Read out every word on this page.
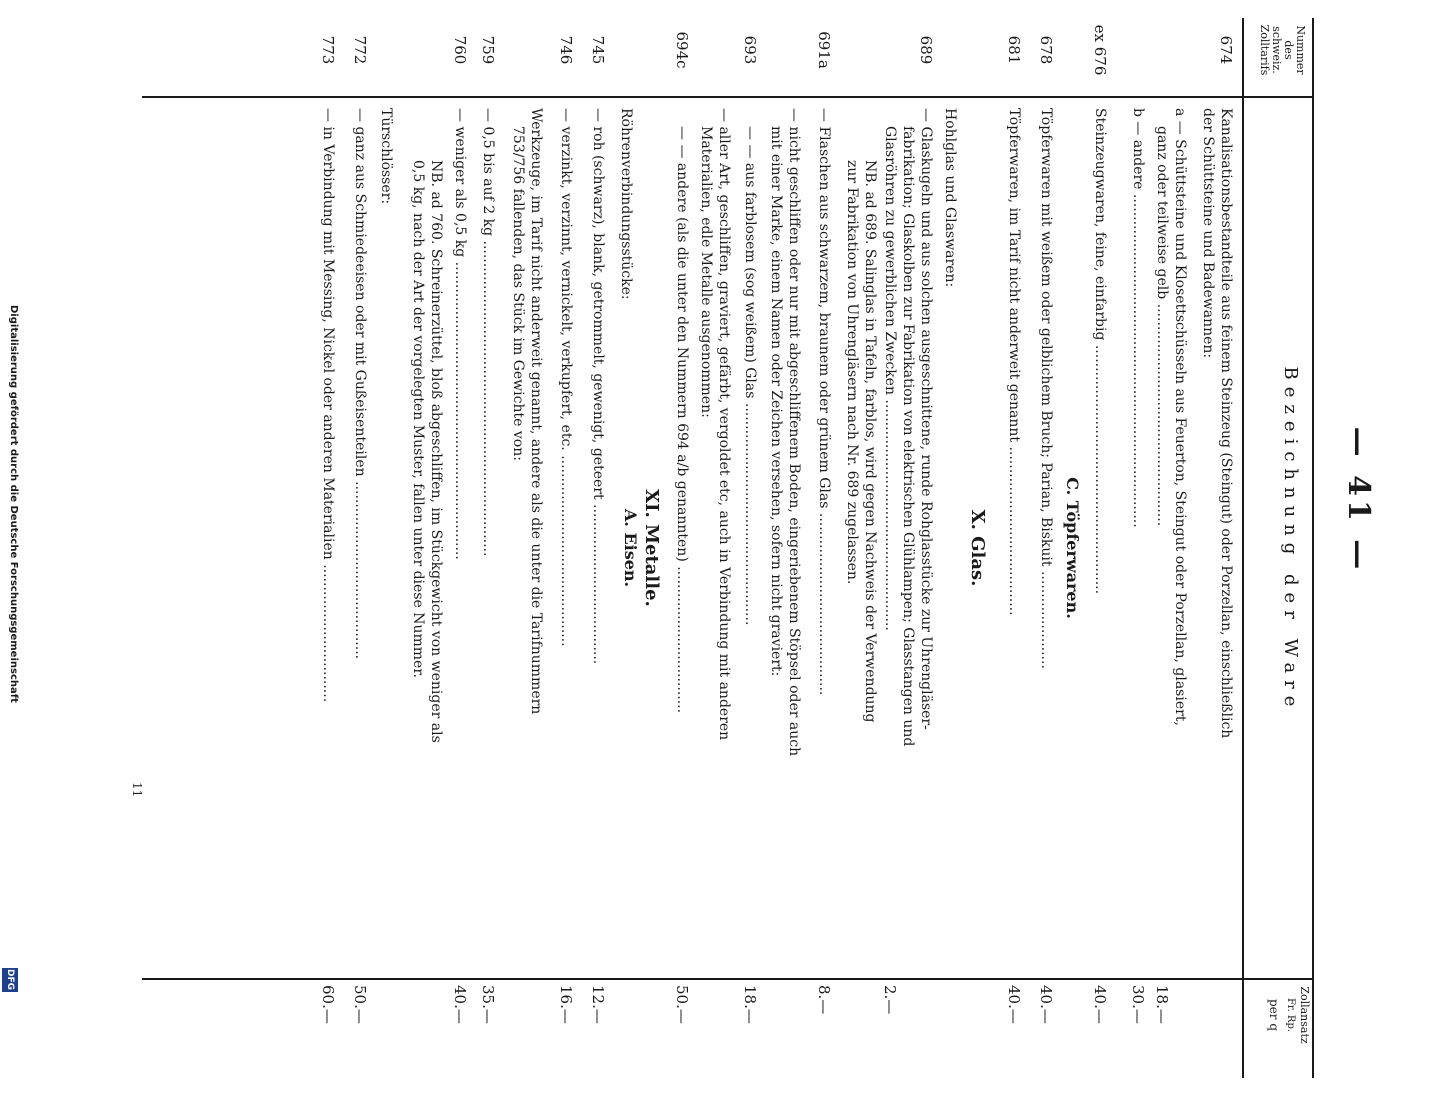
— 41 —
Nummer des schweiz. Zolltarifs
Bezeichnung der Ware
Zollansatz
Fr. Rp.
per q
674
Kanalisationsbestandteile aus feinem Steinzeug (Steingut) oder Porzellan, einschließlich
der Schüttsteine und Badewannen:
a — Schüttsteine und Klosettschüsseln aus Feuerton, Steingut oder Porzellan, glasiert,
ganz oder teilweise gelb ..................................................
18.—
b — andere ...........................................................................
30.—
ex 676
Steinzeugwaren, feine, einfarbig ........................................................
40.—
678
Töpferwaren mit weißem oder gelblichem Bruch; Parian, Biskuit ......................
40.—
681
Töpferwaren, im Tarif nicht anderweit genannt ......................................
40.—
Hohlglas und Glaswaren:
689
— Glaskugeln und aus solchen ausgeschnittene, runde Rohglasstücke zur Uhrengläser-
fabrikation; Glaskolben zur Fabrikation von elektrischen Glühlampen; Glasstangen und
Glasröhren zu gewerblichen Zwecken ....................................................
2.—
NB. ad 689. Salinglas in Tafeln, farblos, wird gegen Nachweis der Verwendung
zur Fabrikation von Uhrengläsern nach Nr. 689 zugelassen.
691a
— Flaschen aus schwarzem, braunem oder grünem Glas .........................................
8.—
— nicht geschliffen oder nur mit abgeschliffenem Boden, eingeriebenem Stöpsel oder auch
mit einer Marke, einem Namen oder Zeichen versehen, sofern nicht graviert:
693
— — aus farblosem (sog weißem) Glas ..................................................
18.—
— aller Art, geschliffen, graviert, gefärbt, vergoldet etc, auch in Verbindung mit anderen
Materialien, edle Metalle ausgenommen:
694c
— — andere (als die unter den Nummern 694 a/b genannten) .................................
50.—
Röhrenverbindungsstücke:
745
— roh (schwarz), blank, getrommelt, gewenigt, geteert ....................................
12.—
746
— verzinkt, verzinnt, vernickelt, verkupfert, etc. ...........................................
16.—
Werkzeuge, im Tarif nicht anderweit genannt, andere als die unter die Tarifnummern
753/756 fallenden, das Stück im Gewichte von:
759
— 0,5 bis auf 2 kg .......................................................................
35.—
760
— weniger als 0,5 kg ...................................................................
40.—
NB. ad 760. Schreinerzüttel, bloß abgeschliffen, im Stückgewicht von weniger als
0,5 kg, nach der Art der vorgelegten Muster, fallen unter diese Nummer.
Türschlösser:
772
— ganz aus Schmiedeeisen oder mit Gußeisenteilen ........................................
50.—
773
— in Verbindung mit Messing, Nickel oder anderen Materialien ...............................
60.—
C. Töpferwaren.
X. Glas.
XI. Metalle.
A. Eisen.
11
Digitalisierung gefördert durch die Deutsche Forschungsgemeinschaft
DFG
